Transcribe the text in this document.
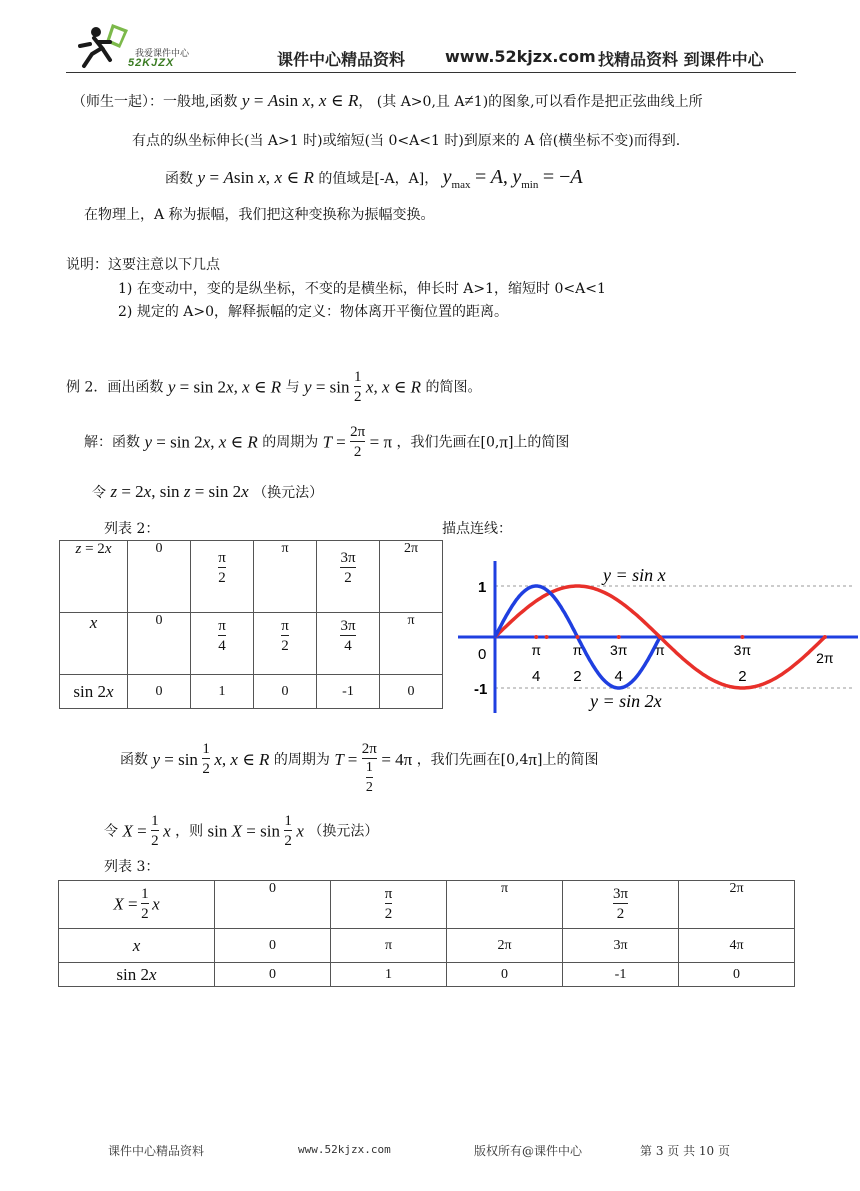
我爱课件中心
52KJZX	课件中心精品资料 www.52kjzx.com 找精品资料 到课件中心
（师生一起）：一般地,函数 y = Asin x, x ∈ R， (其 A>0,且 A≠1)的图象,可以看作是把正弦曲线上所
有点的纵坐标伸长(当 A>1 时)或缩短(当 0<A<1 时)到原来的 A 倍(横坐标不变)而得到.
函数 y = Asin x, x ∈ R 的值域是[-A，A]， $y_{max} = A$, $y_{min} = -A$
在物理上，A 称为振幅，我们把这种变换称为振幅变换。
说明：这要注意以下几点
1) 在变动中，变的是纵坐标，不变的是横坐标，伸长时 A>1，缩短时 0<A<1
2) 规定的 A>0，解释振幅的定义：物体离开平衡位置的距离。
例 2．画出函数 y = sin 2x, x ∈ R 与 $y = \sin \frac{1}{2} x$, x ∈ R 的简图。
解：函数 y = sin 2x, x ∈ R 的周期为 $T = \frac{2\pi}{2} = \pi$ ，我们先画在[0,π]上的简图
令 z = 2x, sin z = sin 2x （换元法）
列表 2：	描点连线：
z = 2x	0	$\frac{\pi}{2}$	π	$\frac{3\pi}{2}$	2π
x	0	$\frac{\pi}{4}$	$\frac{\pi}{2}$	$\frac{3\pi}{4}$	π
sin 2x	0	1	0	-1	0
1
-1
0	π
4
π
2
3π
4
π	3π
2
2π
y = sin x
y = sin 2x
函数 $y = \sin \frac{1}{2} x$, x ∈ R 的周期为 $T = \frac{2\pi}{\frac{1}{2}} = 4\pi$ ，我们先画在[0,4π]上的简图
令 $X = \frac{1}{2}$ x ，则 $\sin X = \sin \frac{1}{2}$ x （换元法）
列表 3：
$X = \frac{1}{2}$ x	0	$\frac{\pi}{2}$	π	$\frac{3\pi}{2}$	2π
x	0	π	2π	3π	4π
sin 2x	0	1	0	-1	0
课件中心精品资料	www.52kjzx.com	版权所有@课件中心	第 3 页 共 10 页
